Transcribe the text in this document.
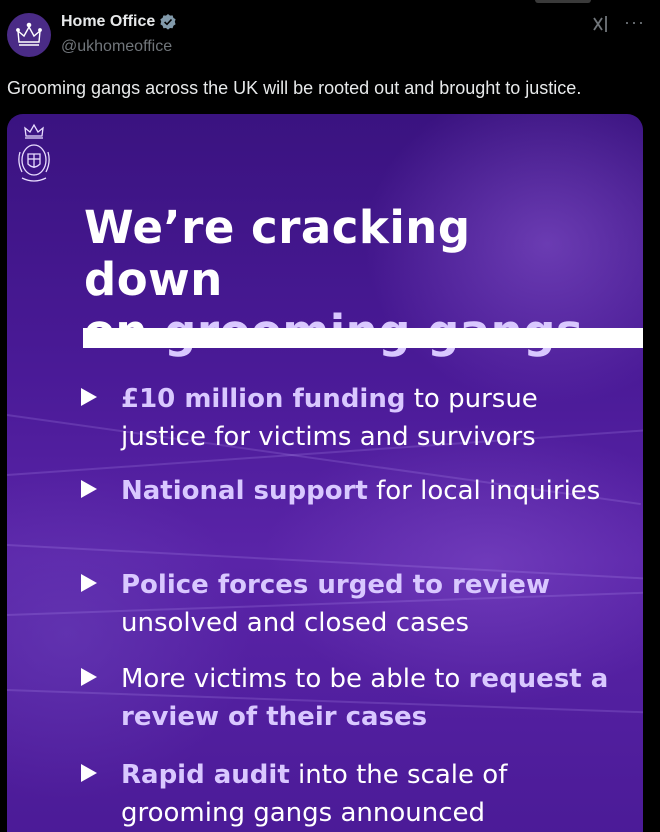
Home Office
@ukhomeoffice
···
Grooming gangs across the UK will be rooted out and brought to justice.
We’re cracking down
£10 million funding to pursue justice for victims and survivors
National support for local inquiries
Police forces urged to review unsolved and closed cases
More victims to be able to request a review of their cases
Rapid audit into the scale of grooming gangs announced
